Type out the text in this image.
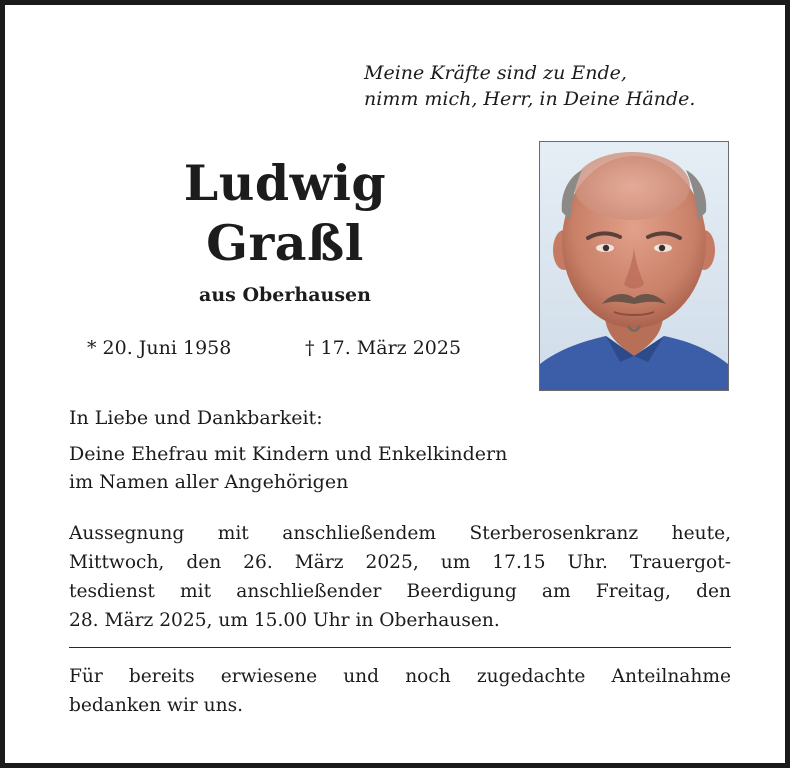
Meine Kräfte sind zu Ende,
nimm mich, Herr, in Deine Hände.
Ludwig
Graßl
aus Oberhausen
* 20. Juni 1958	† 17. März 2025
In Liebe und Dankbarkeit:
Deine Ehefrau mit Kindern und Enkelkindern
im Namen aller Angehörigen
Aussegnung mit anschließendem Sterberosenkranz heute,
Mittwoch, den 26. März 2025, um 17.15 Uhr. Trauergot-
tesdienst mit anschließender Beerdigung am Freitag, den
28. März 2025, um 15.00 Uhr in Oberhausen.
Für bereits erwiesene und noch zugedachte Anteilnahme
bedanken wir uns.
